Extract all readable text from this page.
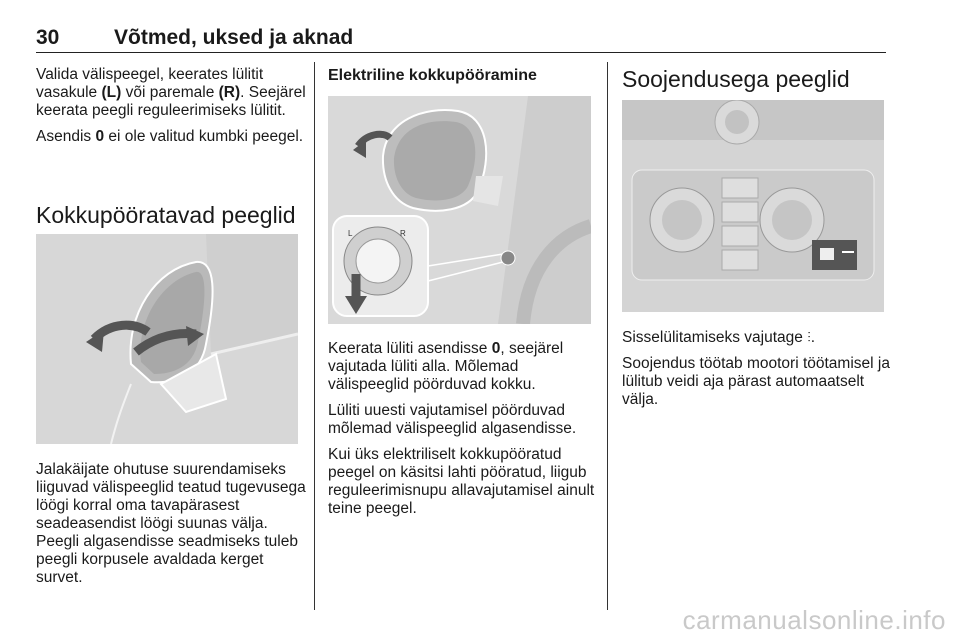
30	Võtmed, uksed ja aknad

Valida välispeegel, keerates lülitit vasakule (L) või paremale (R). Seejärel keerata peegli reguleerimiseks lülitit.

Asendis 0 ei ole valitud kumbki peegel.

Kokkupööratavad peeglid

Jalakäijate ohutuse suurendamiseks liiguvad välispeeglid teatud tugevusega löögi korral oma tavapärasest seadeasendist löögi suunas välja. Peegli algasendisse seadmiseks tuleb peegli korpusele avaldada kerget survet.

Elektriline kokkupööramine
L	R

Keerata lüliti asendisse 0, seejärel vajutada lüliti alla. Mõlemad välispeeglid pöörduvad kokku.

Lüliti uuesti vajutamisel pöörduvad mõlemad välispeeglid algasendisse.

Kui üks elektriliselt kokkupööratud peegel on käsitsi lahti pööratud, liigub reguleerimisnupu allavajutamisel ainult teine peegel.

Soojendusega peeglid

Sisselülitamiseks vajutage ⫶.

Soojendus töötab mootori töötamisel ja lülitub veidi aja pärast automaatselt välja.

carmanualsonline.info
